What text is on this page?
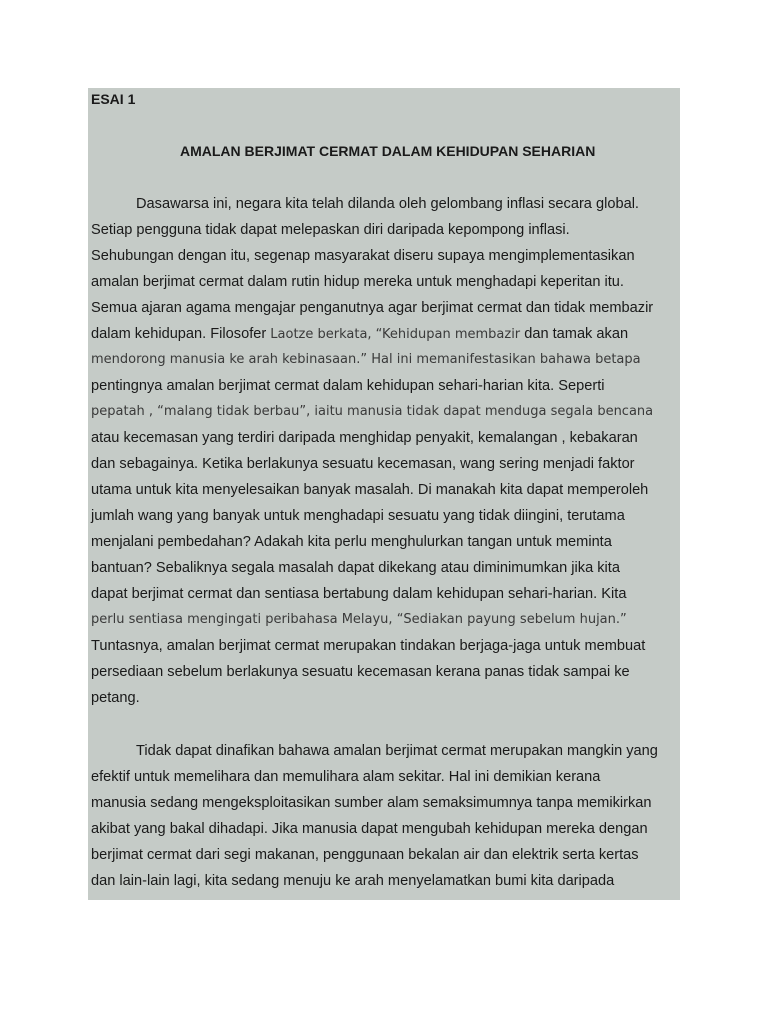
ESAI 1
AMALAN BERJIMAT CERMAT DALAM KEHIDUPAN SEHARIAN
Dasawarsa ini, negara kita telah dilanda oleh gelombang inflasi secara global.
Setiap pengguna tidak dapat melepaskan diri daripada kepompong inflasi.
Sehubungan dengan itu, segenap masyarakat diseru supaya mengimplementasikan
amalan berjimat cermat dalam rutin hidup mereka untuk menghadapi keperitan itu.
Semua ajaran agama mengajar penganutnya agar berjimat cermat dan tidak membazir
dalam kehidupan. Filosofer Laotze berkata, “Kehidupan membazir dan tamak akan
mendorong manusia ke arah kebinasaan.” Hal ini memanifestasikan bahawa betapa
pentingnya amalan berjimat cermat dalam kehidupan sehari-harian kita. Seperti
pepatah , “malang tidak berbau”, iaitu manusia tidak dapat menduga segala bencana
atau kecemasan yang terdiri daripada menghidap penyakit, kemalangan , kebakaran
dan sebagainya. Ketika berlakunya sesuatu kecemasan, wang sering menjadi faktor
utama untuk kita menyelesaikan banyak masalah. Di manakah kita dapat memperoleh
jumlah wang yang banyak untuk menghadapi sesuatu yang tidak diingini, terutama
menjalani pembedahan? Adakah kita perlu menghulurkan tangan untuk meminta
bantuan? Sebaliknya segala masalah dapat dikekang atau diminimumkan jika kita
dapat berjimat cermat dan sentiasa bertabung dalam kehidupan sehari-harian. Kita
perlu sentiasa mengingati peribahasa Melayu, “Sediakan payung sebelum hujan.”
Tuntasnya, amalan berjimat cermat merupakan tindakan berjaga-jaga untuk membuat
persediaan sebelum berlakunya sesuatu kecemasan kerana panas tidak sampai ke
petang.
Tidak dapat dinafikan bahawa amalan berjimat cermat merupakan mangkin yang
efektif untuk memelihara dan memulihara alam sekitar. Hal ini demikian kerana
manusia sedang mengeksploitasikan sumber alam semaksimumnya tanpa memikirkan
akibat yang bakal dihadapi. Jika manusia dapat mengubah kehidupan mereka dengan
berjimat cermat dari segi makanan, penggunaan bekalan air dan elektrik serta kertas
dan lain-lain lagi, kita sedang menuju ke arah menyelamatkan bumi kita daripada
